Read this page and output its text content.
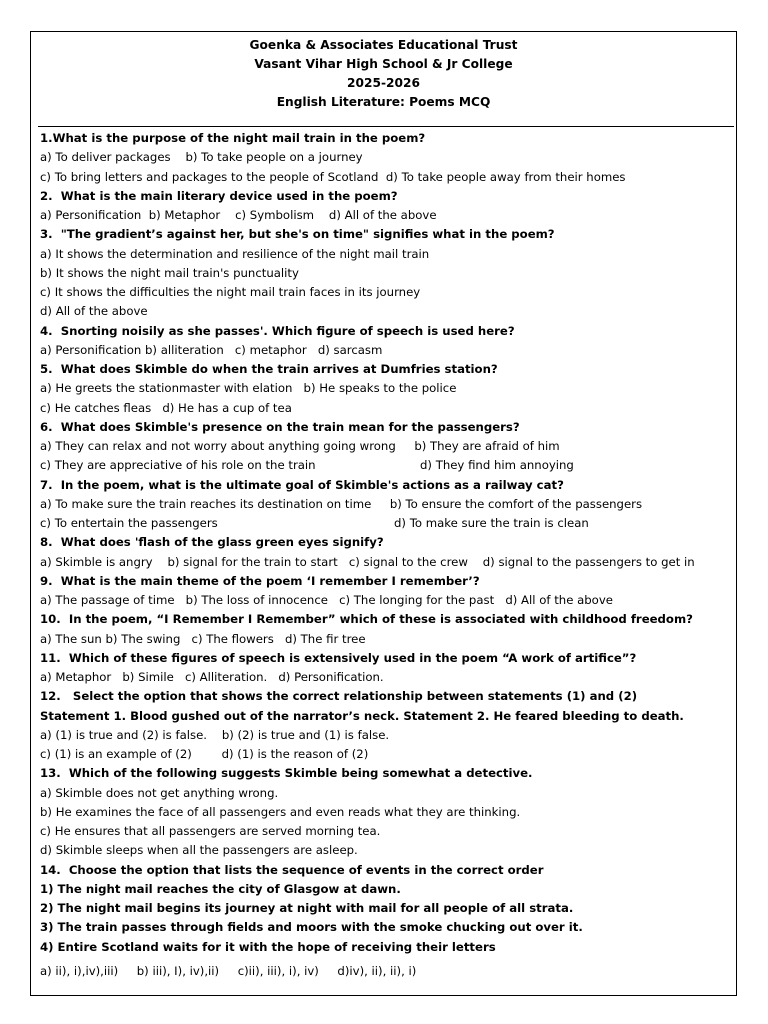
Goenka & Associates Educational Trust
Vasant Vihar High School & Jr College
2025-2026
English Literature: Poems MCQ
1.What is the purpose of the night mail train in the poem?
a) To deliver packages    b) To take people on a journey
c) To bring letters and packages to the people of Scotland  d) To take people away from their homes
2.  What is the main literary device used in the poem?
a) Personification  b) Metaphor    c) Symbolism    d) All of the above
3.  "The gradient’s against her, but she's on time" signifies what in the poem?
a) It shows the determination and resilience of the night mail train
b) It shows the night mail train's punctuality
c) It shows the difficulties the night mail train faces in its journey
d) All of the above
4.  Snorting noisily as she passes'. Which figure of speech is used here?
a) Personification b) alliteration   c) metaphor   d) sarcasm
5.  What does Skimble do when the train arrives at Dumfries station?
a) He greets the stationmaster with elation   b) He speaks to the police
c) He catches fleas   d) He has a cup of tea
6.  What does Skimble's presence on the train mean for the passengers?
a) They can relax and not worry about anything going wrong     b) They are afraid of him
c) They are appreciative of his role on the train	d) They find him annoying
7.  In the poem, what is the ultimate goal of Skimble's actions as a railway cat?
a) To make sure the train reaches its destination on time     b) To ensure the comfort of the passengers
c) To entertain the passengers	d) To make sure the train is clean
8.  What does 'flash of the glass green eyes signify?
a) Skimble is angry    b) signal for the train to start   c) signal to the crew    d) signal to the passengers to get in
9.  What is the main theme of the poem ‘I remember I remember’?
a) The passage of time   b) The loss of innocence   c) The longing for the past   d) All of the above
10.  In the poem, “I Remember I Remember” which of these is associated with childhood freedom?
a) The sun b) The swing   c) The flowers   d) The fir tree
11.  Which of these figures of speech is extensively used in the poem “A work of artifice”?
a) Metaphor   b) Simile   c) Alliteration.   d) Personification.
12.   Select the option that shows the correct relationship between statements (1) and (2)
Statement 1. Blood gushed out of the narrator’s neck. Statement 2. He feared bleeding to death.
a) (1) is true and (2) is false.    b) (2) is true and (1) is false.
c) (1) is an example of (2)        d) (1) is the reason of (2)
13.  Which of the following suggests Skimble being somewhat a detective.
a) Skimble does not get anything wrong.
b) He examines the face of all passengers and even reads what they are thinking.
c) He ensures that all passengers are served morning tea.
d) Skimble sleeps when all the passengers are asleep.
14.  Choose the option that lists the sequence of events in the correct order
1) The night mail reaches the city of Glasgow at dawn.
2) The night mail begins its journey at night with mail for all people of all strata.
3) The train passes through fields and moors with the smoke chucking out over it.
4) Entire Scotland waits for it with the hope of receiving their letters
a) ii), i),iv),iii)     b) iii), I), iv),ii)     c)ii), iii), i), iv)     d)iv), ii), ii), i)
